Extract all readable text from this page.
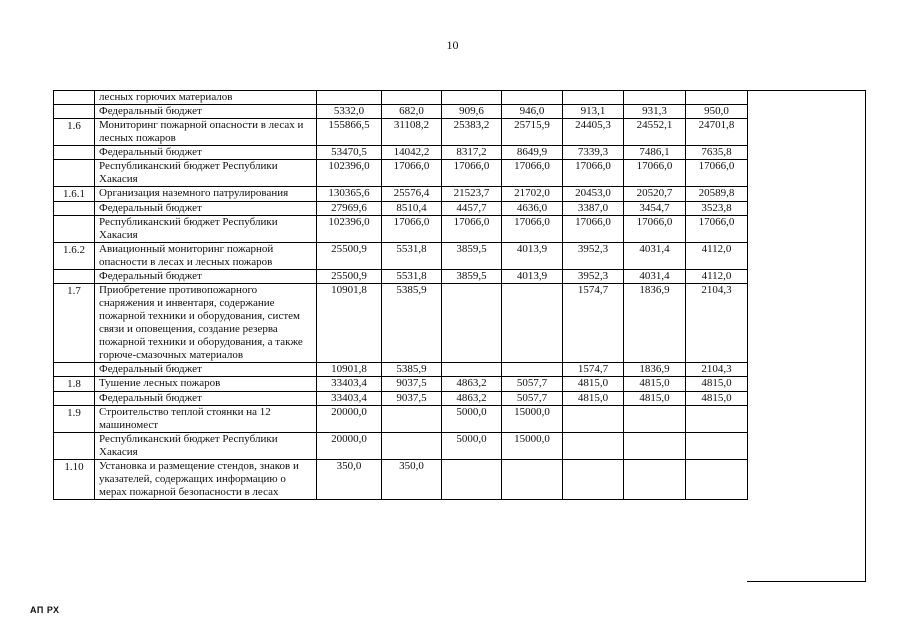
10
	лесных горючих материалов							
	Федеральный бюджет	5332,0	682,0	909,6	946,0	913,1	931,3	950,0
1.6	Мониторинг пожарной опасности в лесах и лесных пожаров	155866,5	31108,2	25383,2	25715,9	24405,3	24552,1	24701,8
	Федеральный бюджет	53470,5	14042,2	8317,2	8649,9	7339,3	7486,1	7635,8
	Республиканский бюджет Республики Хакасия	102396,0	17066,0	17066,0	17066,0	17066,0	17066,0	17066,0
1.6.1	Организация наземного патрулирования	130365,6	25576,4	21523,7	21702,0	20453,0	20520,7	20589,8
	Федеральный бюджет	27969,6	8510,4	4457,7	4636,0	3387,0	3454,7	3523,8
	Республиканский бюджет Республики Хакасия	102396,0	17066,0	17066,0	17066,0	17066,0	17066,0	17066,0
1.6.2	Авиационный мониторинг пожарной опасности в лесах и лесных пожаров	25500,9	5531,8	3859,5	4013,9	3952,3	4031,4	4112,0
	Федеральный бюджет	25500,9	5531,8	3859,5	4013,9	3952,3	4031,4	4112,0
1.7	Приобретение противопожарного снаряжения и инвентаря, содержание пожарной техники и оборудования, систем связи и оповещения, создание резерва пожарной техники и оборудования, а также горюче-смазочных материалов	10901,8	5385,9			1574,7	1836,9	2104,3
	Федеральный бюджет	10901,8	5385,9			1574,7	1836,9	2104,3
1.8	Тушение лесных пожаров	33403,4	9037,5	4863,2	5057,7	4815,0	4815,0	4815,0
	Федеральный бюджет	33403,4	9037,5	4863,2	5057,7	4815,0	4815,0	4815,0
1.9	Строительство теплой стоянки на 12 машиномест	20000,0		5000,0	15000,0			
	Республиканский бюджет Республики Хакасия	20000,0		5000,0	15000,0			
1.10	Установка и размещение стендов, знаков и указателей, содержащих информацию о мерах пожарной безопасности в лесах	350,0	350,0					
АП РХ
